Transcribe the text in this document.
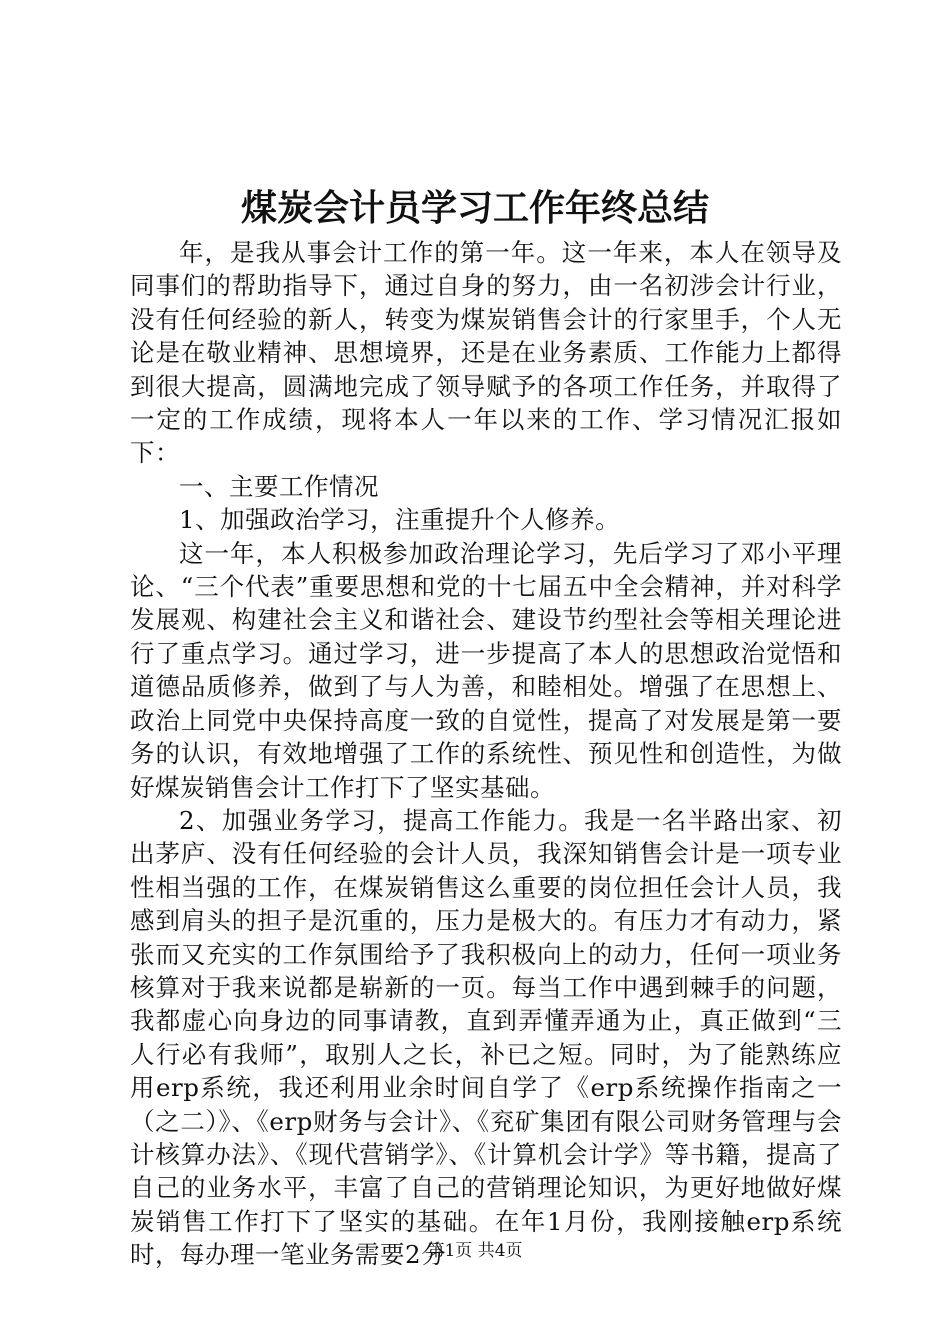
煤炭会计员学习工作年终总结

年，是我从事会计工作的第一年。这一年来，本人在领导及同事们的帮助指导下，通过自身的努力，由一名初涉会计行业，没有任何经验的新人，转变为煤炭销售会计的行家里手，个人无论是在敬业精神、思想境界，还是在业务素质、工作能力上都得到很大提高，圆满地完成了领导赋予的各项工作任务，并取得了一定的工作成绩，现将本人一年以来的工作、学习情况汇报如下：

一、主要工作情况

1、加强政治学习，注重提升个人修养。

这一年，本人积极参加政治理论学习，先后学习了邓小平理论、“三个代表”重要思想和党的十七届五中全会精神，并对科学发展观、构建社会主义和谐社会、建设节约型社会等相关理论进行了重点学习。通过学习，进一步提高了本人的思想政治觉悟和道德品质修养，做到了与人为善，和睦相处。增强了在思想上、政治上同党中央保持高度一致的自觉性，提高了对发展是第一要务的认识，有效地增强了工作的系统性、预见性和创造性，为做好煤炭销售会计工作打下了坚实基础。

2、加强业务学习，提高工作能力。我是一名半路出家、初出茅庐、没有任何经验的会计人员，我深知销售会计是一项专业性相当强的工作，在煤炭销售这么重要的岗位担任会计人员，我感到肩头的担子是沉重的，压力是极大的。有压力才有动力，紧张而又充实的工作氛围给予了我积极向上的动力，任何一项业务核算对于我来说都是崭新的一页。每当工作中遇到棘手的问题，我都虚心向身边的同事请教，直到弄懂弄通为止，真正做到“三人行必有我师”，取别人之长，补已之短。同时，为了能熟练应用erp系统，我还利用业余时间自学了《erp系统操作指南之一（之二）》、《erp财务与会计》、《兖矿集团有限公司财务管理与会计核算办法》、《现代营销学》、《计算机会计学》等书籍，提高了自己的业务水平，丰富了自己的营销理论知识，为更好地做好煤炭销售工作打下了坚实的基础。在年1月份，我刚接触erp系统时，每办理一笔业务需要2分

第1页 共4页
